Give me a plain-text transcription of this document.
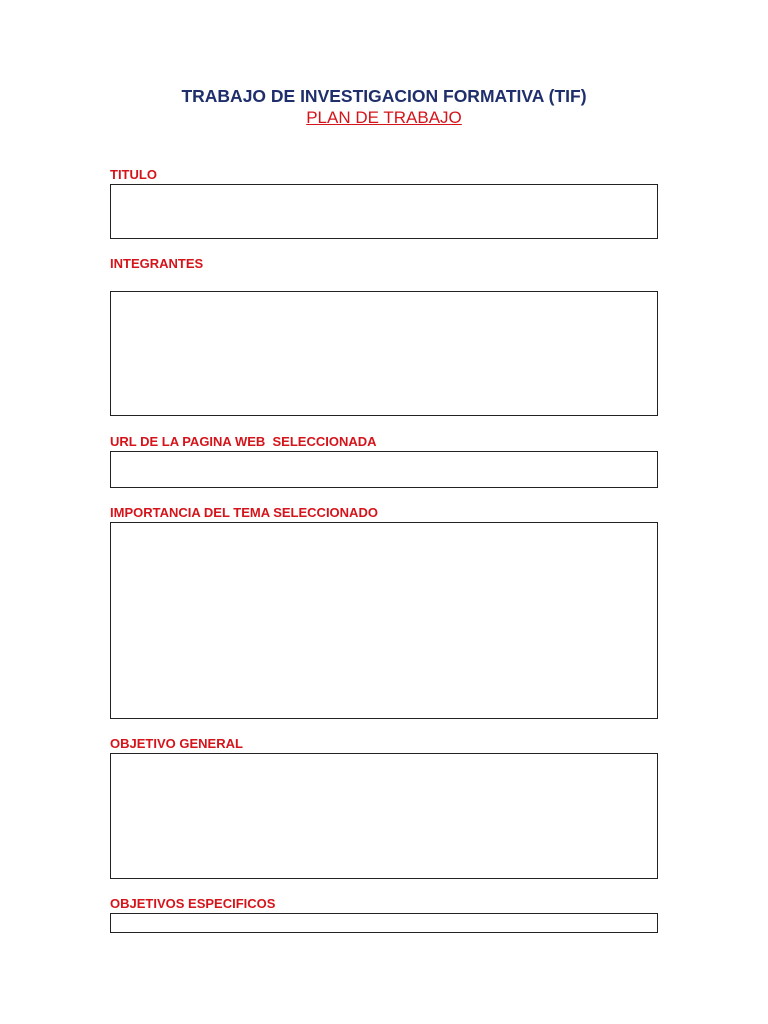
TRABAJO DE INVESTIGACION FORMATIVA (TIF)
PLAN DE TRABAJO
TITULO
INTEGRANTES
URL DE LA PAGINA WEB  SELECCIONADA
IMPORTANCIA DEL TEMA SELECCIONADO
OBJETIVO GENERAL
OBJETIVOS ESPECIFICOS
